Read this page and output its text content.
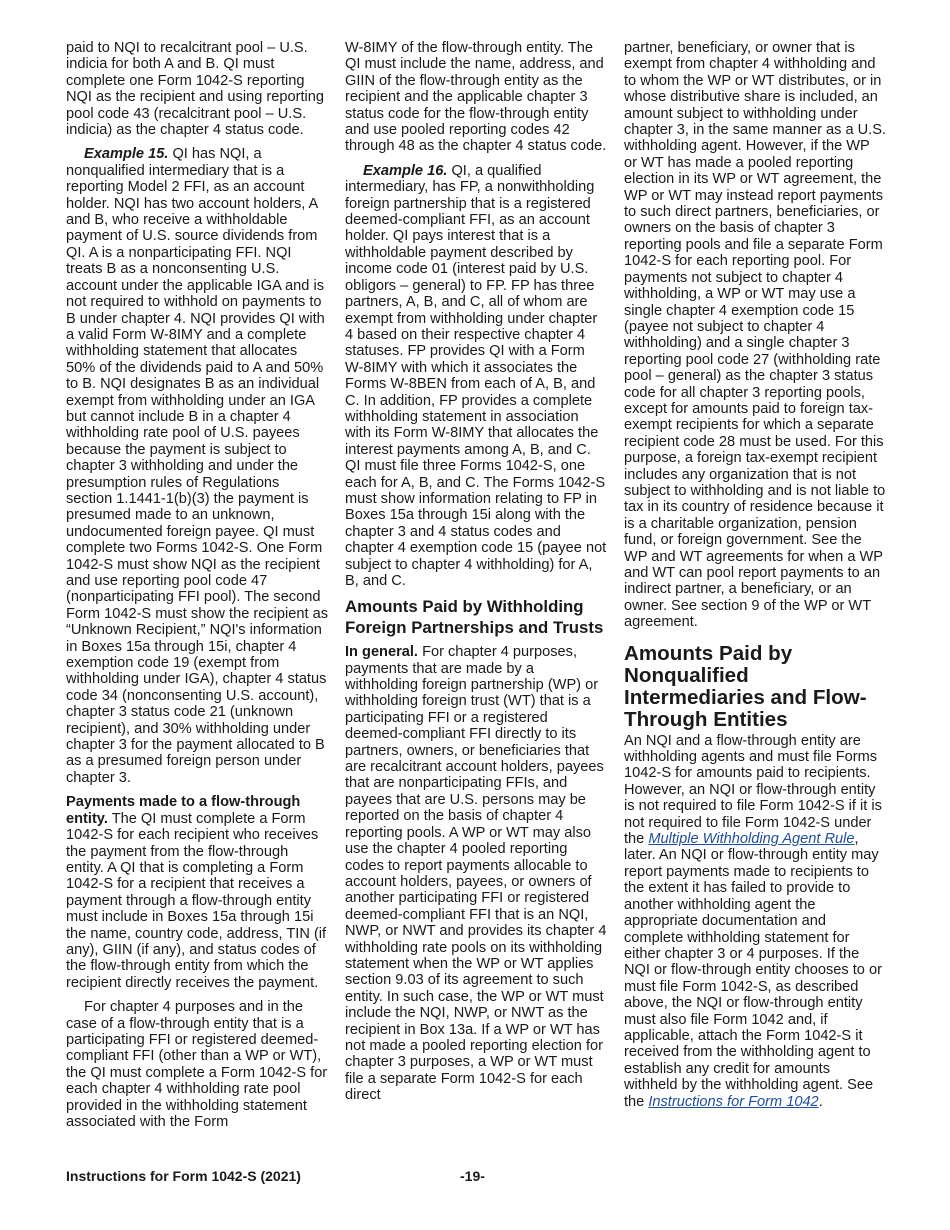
paid to NQI to recalcitrant pool – U.S. indicia for both A and B. QI must complete one Form 1042-S reporting NQI as the recipient and using reporting pool code 43 (recalcitrant pool – U.S. indicia) as the chapter 4 status code.

Example 15. QI has NQI, a nonqualified intermediary that is a reporting Model 2 FFI, as an account holder. NQI has two account holders, A and B, who receive a withholdable payment of U.S. source dividends from QI. A is a nonparticipating FFI. NQI treats B as a nonconsenting U.S. account under the applicable IGA and is not required to withhold on payments to B under chapter 4. NQI provides QI with a valid Form W-8IMY and a complete withholding statement that allocates 50% of the dividends paid to A and 50% to B. NQI designates B as an individual exempt from withholding under an IGA but cannot include B in a chapter 4 withholding rate pool of U.S. payees because the payment is subject to chapter 3 withholding and under the presumption rules of Regulations section 1.1441-1(b)(3) the payment is presumed made to an unknown, undocumented foreign payee. QI must complete two Forms 1042-S. One Form 1042-S must show NQI as the recipient and use reporting pool code 47 (nonparticipating FFI pool). The second Form 1042-S must show the recipient as “Unknown Recipient,” NQI's information in Boxes 15a through 15i, chapter 4 exemption code 19 (exempt from withholding under IGA), chapter 4 status code 34 (nonconsenting U.S. account), chapter 3 status code 21 (unknown recipient), and 30% withholding under chapter 3 for the payment allocated to B as a presumed foreign person under chapter 3.

Payments made to a flow-through entity. The QI must complete a Form 1042-S for each recipient who receives the payment from the flow-through entity. A QI that is completing a Form 1042-S for a recipient that receives a payment through a flow-through entity must include in Boxes 15a through 15i the name, country code, address, TIN (if any), GIIN (if any), and status codes of the flow-through entity from which the recipient directly receives the payment.

For chapter 4 purposes and in the case of a flow-through entity that is a participating FFI or registered deemed-compliant FFI (other than a WP or WT), the QI must complete a Form 1042-S for each chapter 4 withholding rate pool provided in the withholding statement associated with the Form

W-8IMY of the flow-through entity. The QI must include the name, address, and GIIN of the flow-through entity as the recipient and the applicable chapter 3 status code for the flow-through entity and use pooled reporting codes 42 through 48 as the chapter 4 status code.

Example 16. QI, a qualified intermediary, has FP, a nonwithholding foreign partnership that is a registered deemed-compliant FFI, as an account holder. QI pays interest that is a withholdable payment described by income code 01 (interest paid by U.S. obligors – general) to FP. FP has three partners, A, B, and C, all of whom are exempt from withholding under chapter 4 based on their respective chapter 4 statuses. FP provides QI with a Form W-8IMY with which it associates the Forms W-8BEN from each of A, B, and C. In addition, FP provides a complete withholding statement in association with its Form W-8IMY that allocates the interest payments among A, B, and C. QI must file three Forms 1042-S, one each for A, B, and C. The Forms 1042-S must show information relating to FP in Boxes 15a through 15i along with the chapter 3 and 4 status codes and chapter 4 exemption code 15 (payee not subject to chapter 4 withholding) for A, B, and C.

Amounts Paid by Withholding Foreign Partnerships and Trusts

In general. For chapter 4 purposes, payments that are made by a withholding foreign partnership (WP) or withholding foreign trust (WT) that is a participating FFI or a registered deemed-compliant FFI directly to its partners, owners, or beneficiaries that are recalcitrant account holders, payees that are nonparticipating FFIs, and payees that are U.S. persons may be reported on the basis of chapter 4 reporting pools. A WP or WT may also use the chapter 4 pooled reporting codes to report payments allocable to account holders, payees, or owners of another participating FFI or registered deemed-compliant FFI that is an NQI, NWP, or NWT and provides its chapter 4 withholding rate pools on its withholding statement when the WP or WT applies section 9.03 of its agreement to such entity. In such case, the WP or WT must include the NQI, NWP, or NWT as the recipient in Box 13a. If a WP or WT has not made a pooled reporting election for chapter 3 purposes, a WP or WT must file a separate Form 1042-S for each direct

partner, beneficiary, or owner that is exempt from chapter 4 withholding and to whom the WP or WT distributes, or in whose distributive share is included, an amount subject to withholding under chapter 3, in the same manner as a U.S. withholding agent. However, if the WP or WT has made a pooled reporting election in its WP or WT agreement, the WP or WT may instead report payments to such direct partners, beneficiaries, or owners on the basis of chapter 3 reporting pools and file a separate Form 1042-S for each reporting pool. For payments not subject to chapter 4 withholding, a WP or WT may use a single chapter 4 exemption code 15 (payee not subject to chapter 4 withholding) and a single chapter 3 reporting pool code 27 (withholding rate pool – general) as the chapter 3 status code for all chapter 3 reporting pools, except for amounts paid to foreign tax-exempt recipients for which a separate recipient code 28 must be used. For this purpose, a foreign tax-exempt recipient includes any organization that is not subject to withholding and is not liable to tax in its country of residence because it is a charitable organization, pension fund, or foreign government. See the WP and WT agreements for when a WP and WT can pool report payments to an indirect partner, a beneficiary, or an owner. See section 9 of the WP or WT agreement.

Amounts Paid by Nonqualified Intermediaries and Flow-Through Entities

An NQI and a flow-through entity are withholding agents and must file Forms 1042-S for amounts paid to recipients. However, an NQI or flow-through entity is not required to file Form 1042-S if it is not required to file Form 1042-S under the Multiple Withholding Agent Rule, later. An NQI or flow-through entity may report payments made to recipients to the extent it has failed to provide to another withholding agent the appropriate documentation and complete withholding statement for either chapter 3 or 4 purposes. If the NQI or flow-through entity chooses to or must file Form 1042-S, as described above, the NQI or flow-through entity must also file Form 1042 and, if applicable, attach the Form 1042-S it received from the withholding agent to establish any credit for amounts withheld by the withholding agent. See the Instructions for Form 1042.

Instructions for Form 1042-S (2021)	-19-
